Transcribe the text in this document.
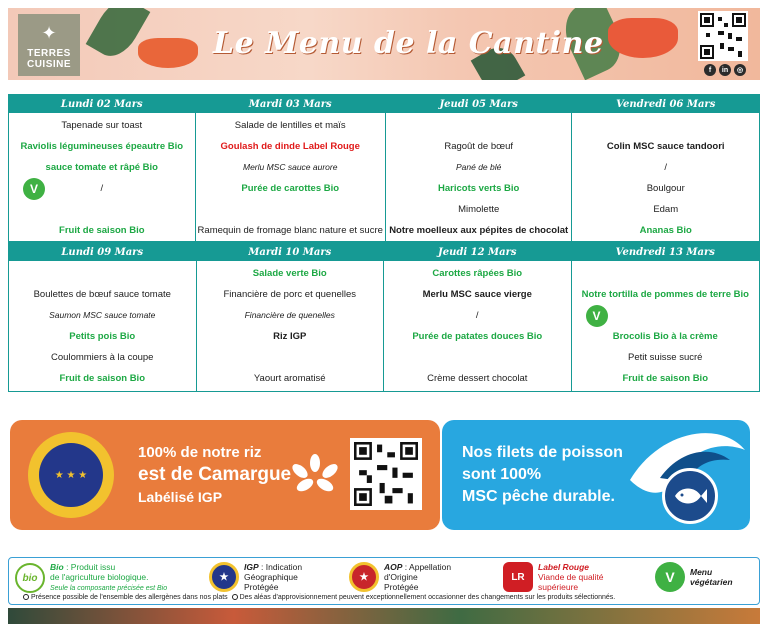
✦
TERRES
CUISINE
Le Menu de la Cantine
f	in	◎
Lundi 02 Mars
Tapenade sur toast
Raviolis légumineuses épeautre Bio
sauce tomate et râpé Bio
/
V
Fruit de saison Bio
Mardi 03 Mars
Salade de lentilles et maïs
Goulash de dinde Label Rouge
Merlu MSC sauce aurore
Purée de carottes Bio
Ramequin de fromage blanc nature et sucre
Jeudi 05 Mars
Ragoût de bœuf
Pané de blé
Haricots verts Bio
Mimolette
Notre moelleux aux pépites de chocolat
Vendredi 06 Mars
Colin MSC sauce tandoori
/
Boulgour
Edam
Ananas Bio
Lundi 09 Mars
Boulettes de bœuf sauce tomate
Saumon MSC sauce tomate
Petits pois Bio
Coulommiers à la coupe
Fruit de saison Bio
Mardi 10 Mars
Salade verte Bio
Financière de porc et quenelles
Financière de quenelles
Riz IGP
Yaourt aromatisé
Jeudi 12 Mars
Carottes râpées Bio
Merlu MSC sauce vierge
/
Purée de patates douces Bio
Crème dessert chocolat
Vendredi 13 Mars
Notre tortilla de pommes de terre Bio
V
Brocolis Bio à la crème
Petit suisse sucré
Fruit de saison Bio
★ ★ ★
100% de notre riz
est de Camargue
Labélisé IGP
Nos filets de poisson
sont 100%
MSC pêche durable.
bio
Bio : Produit issu
de l'agriculture biologique.
Seule la composante précisée est Bio
★
IGP : Indication
Géographique
Protégée
★
AOP : Appellation
d'Origine
Protégée
LR
Label Rouge
Viande de qualité
supérieure
V Menu
végétarien
Présence possible de l'ensemble des allergènes dans nos plats Des aléas d'approvisionnement peuvent exceptionnellement occasionner des changements sur les produits sélectionnés.
